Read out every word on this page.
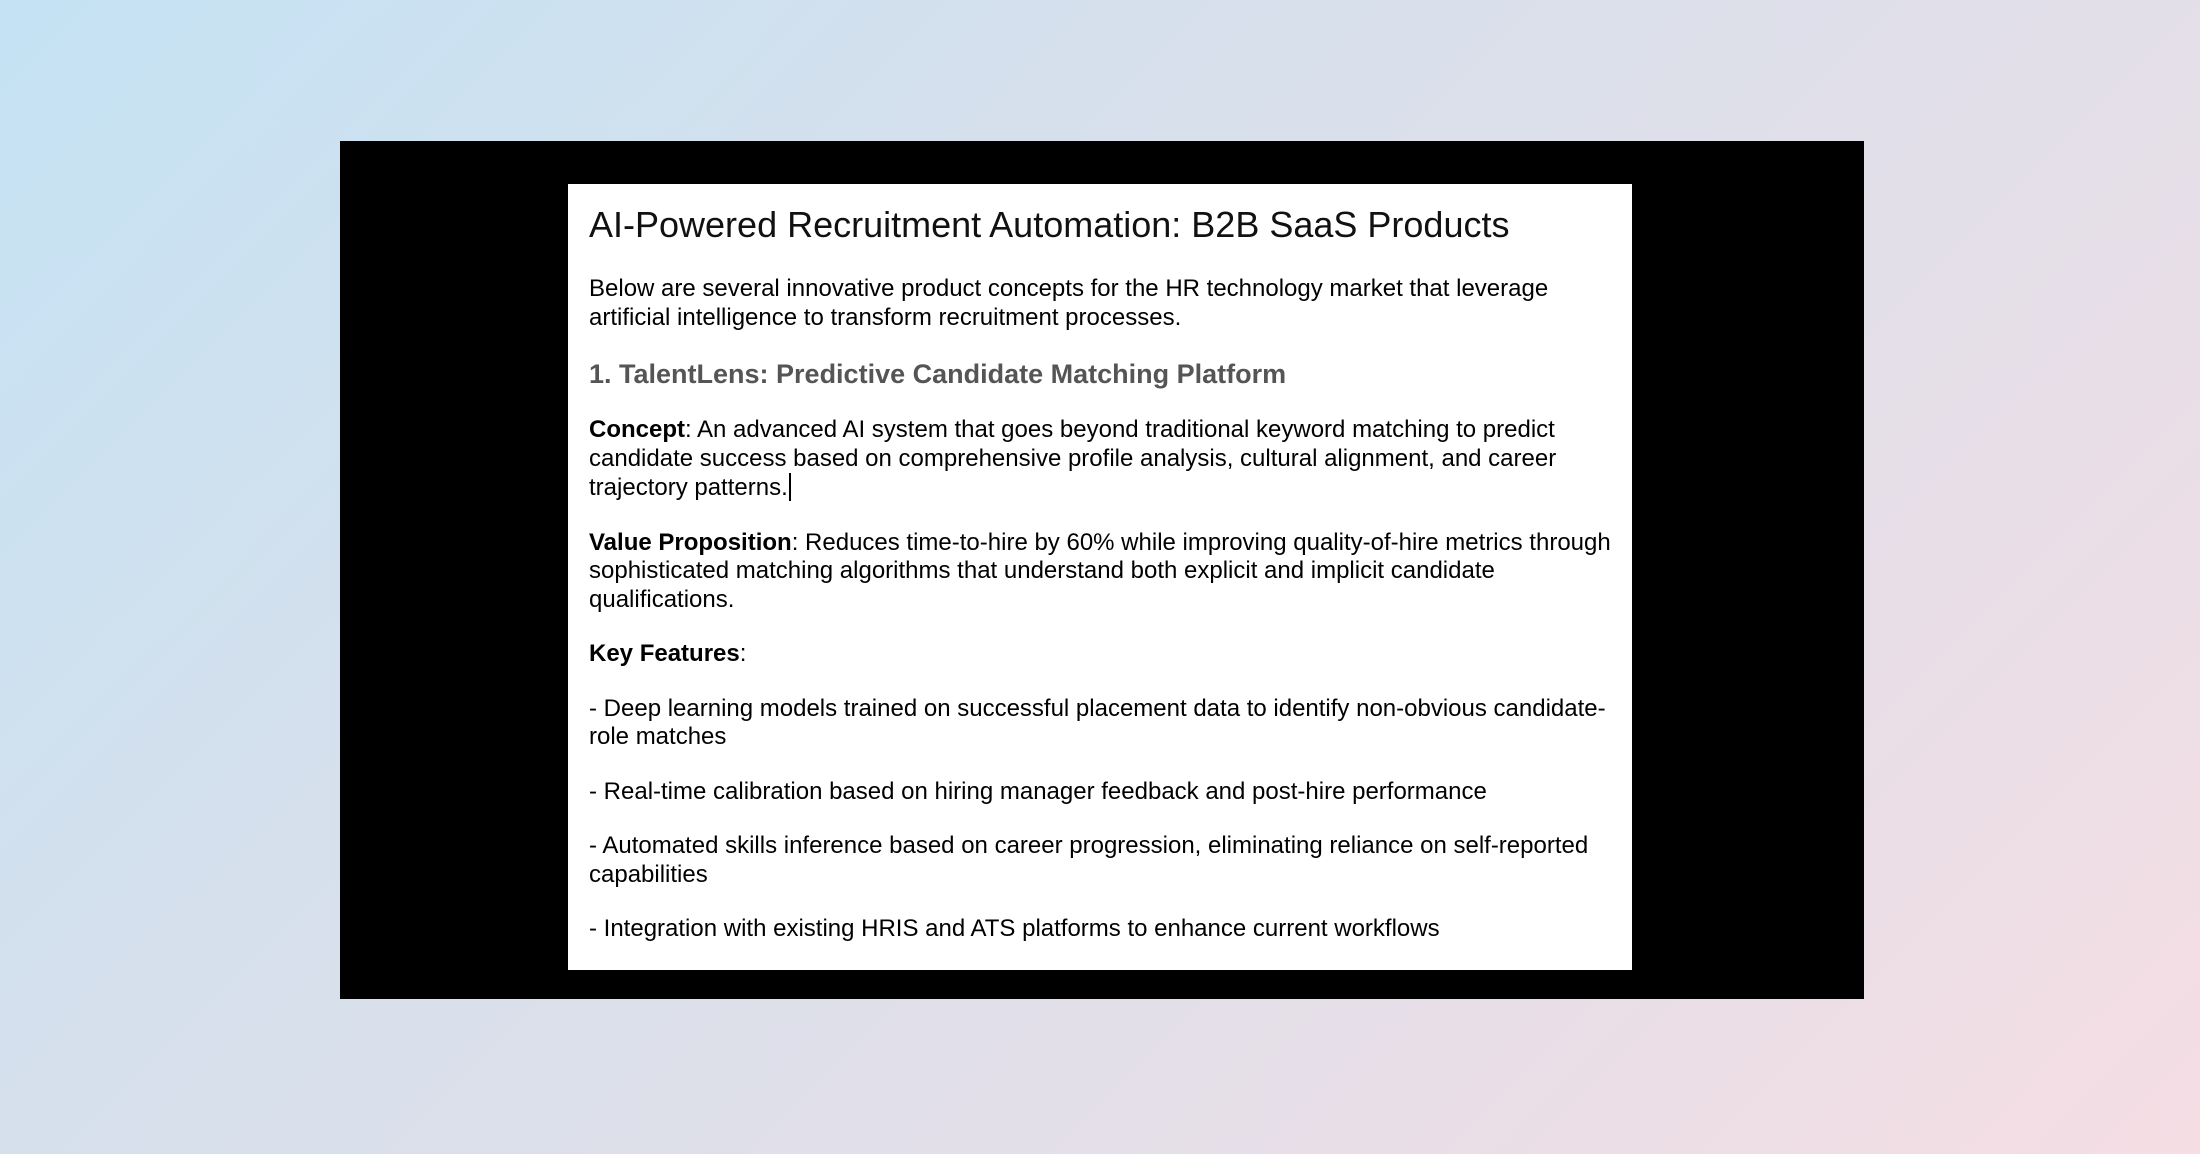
AI-Powered Recruitment Automation: B2B SaaS Products

Below are several innovative product concepts for the HR technology market that leverage artificial intelligence to transform recruitment processes.

1. TalentLens: Predictive Candidate Matching Platform

Concept: An advanced AI system that goes beyond traditional keyword matching to predict candidate success based on comprehensive profile analysis, cultural alignment, and career trajectory patterns.

Value Proposition: Reduces time-to-hire by 60% while improving quality-of-hire metrics through sophisticated matching algorithms that understand both explicit and implicit candidate qualifications.

Key Features:

- Deep learning models trained on successful placement data to identify non-obvious candidate-role matches

- Real-time calibration based on hiring manager feedback and post-hire performance

- Automated skills inference based on career progression, eliminating reliance on self-reported capabilities

- Integration with existing HRIS and ATS platforms to enhance current workflows
